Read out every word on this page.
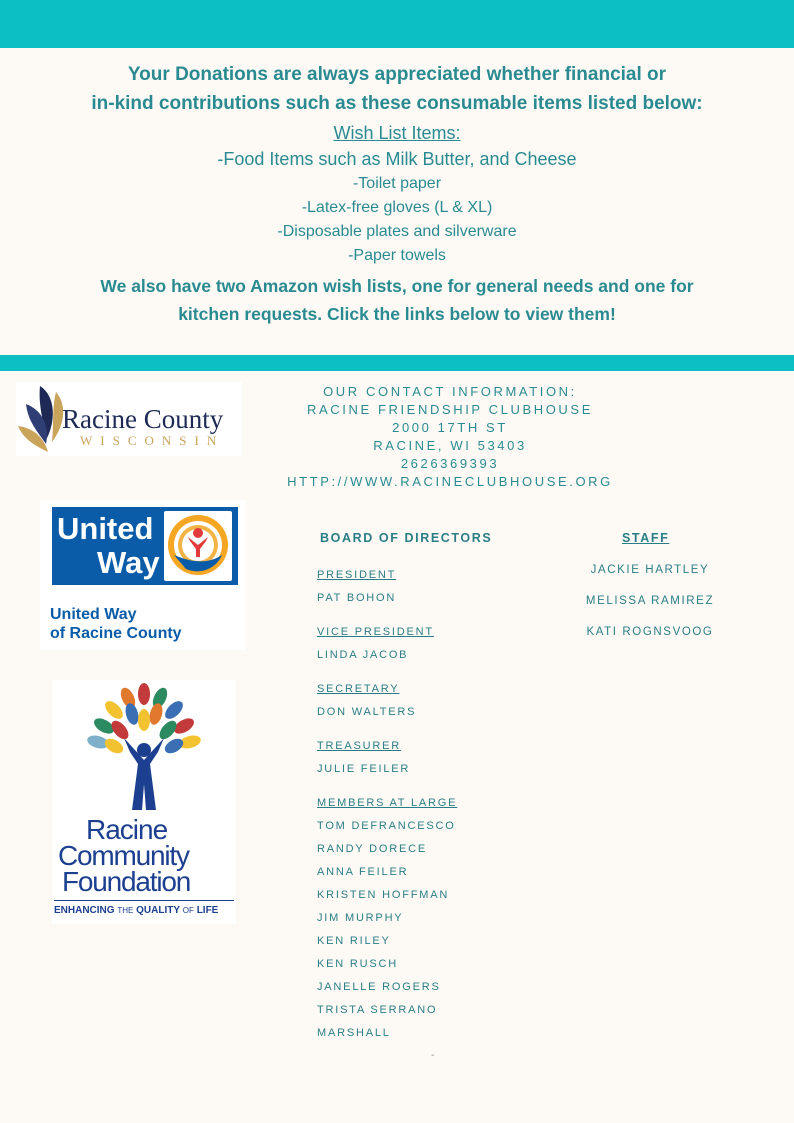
Your Donations are always appreciated whether financial or
in-kind contributions such as these consumable items listed below:
Wish List Items:
-Food Items such as Milk Butter, and Cheese
-Toilet paper
-Latex-free gloves (L & XL)
-Disposable plates and silverware
-Paper towels
We also have two Amazon wish lists, one for general needs and one for
kitchen requests. Click the links below to view them!
Racine County
WISCONSIN
United
Way
United Way
of Racine County
Racine
Community
Foundation
ENHANCING THE QUALITY OF LIFE
OUR CONTACT INFORMATION:
RACINE FRIENDSHIP CLUBHOUSE
2000 17TH ST
RACINE, WI 53403
2626369393
HTTP://WWW.RACINECLUBHOUSE.ORG
BOARD OF DIRECTORS
PRESIDENT
PAT BOHON
VICE PRESIDENT
LINDA JACOB
SECRETARY
DON WALTERS
TREASURER
JULIE FEILER
MEMBERS AT LARGE
TOM DEFRANCESCO
RANDY DORECE
ANNA FEILER
KRISTEN HOFFMAN
JIM MURPHY
KEN RILEY
KEN RUSCH
JANELLE ROGERS
TRISTA SERRANO
MARSHALL
STAFF
JACKIE HARTLEY
MELISSA RAMIREZ
KATI ROGNSVOOG
-
